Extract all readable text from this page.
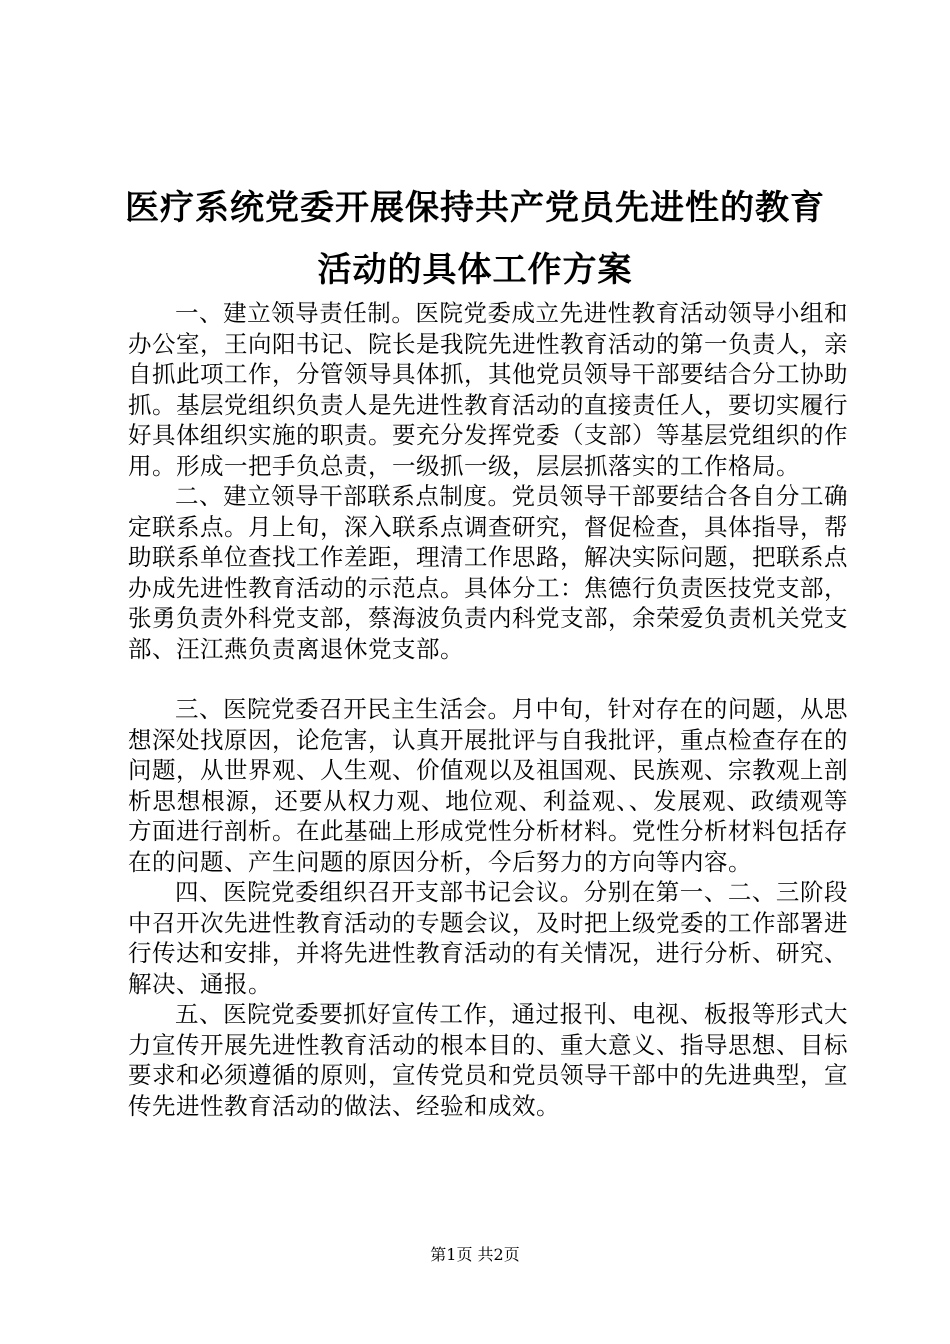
医疗系统党委开展保持共产党员先进性的教育
活动的具体工作方案

一、建立领导责任制。医院党委成立先进性教育活动领导小组和办公室，王向阳书记、院长是我院先进性教育活动的第一负责人，亲自抓此项工作，分管领导具体抓，其他党员领导干部要结合分工协助抓。基层党组织负责人是先进性教育活动的直接责任人，要切实履行好具体组织实施的职责。要充分发挥党委（支部）等基层党组织的作用。形成一把手负总责，一级抓一级，层层抓落实的工作格局。

二、建立领导干部联系点制度。党员领导干部要结合各自分工确定联系点。月上旬，深入联系点调查研究，督促检查，具体指导，帮助联系单位查找工作差距，理清工作思路，解决实际问题，把联系点办成先进性教育活动的示范点。具体分工：焦德行负责医技党支部，张勇负责外科党支部，蔡海波负责内科党支部，余荣爱负责机关党支部、汪江燕负责离退休党支部。

三、医院党委召开民主生活会。月中旬，针对存在的问题，从思想深处找原因，论危害，认真开展批评与自我批评，重点检查存在的问题，从世界观、人生观、价值观以及祖国观、民族观、宗教观上剖析思想根源，还要从权力观、地位观、利益观、、发展观、政绩观等方面进行剖析。在此基础上形成党性分析材料。党性分析材料包括存在的问题、产生问题的原因分析，今后努力的方向等内容。

四、医院党委组织召开支部书记会议。分别在第一、二、三阶段中召开次先进性教育活动的专题会议，及时把上级党委的工作部署进行传达和安排，并将先进性教育活动的有关情况，进行分析、研究、解决、通报。

五、医院党委要抓好宣传工作，通过报刊、电视、板报等形式大力宣传开展先进性教育活动的根本目的、重大意义、指导思想、目标要求和必须遵循的原则，宣传党员和党员领导干部中的先进典型，宣传先进性教育活动的做法、经验和成效。

第1页 共2页
